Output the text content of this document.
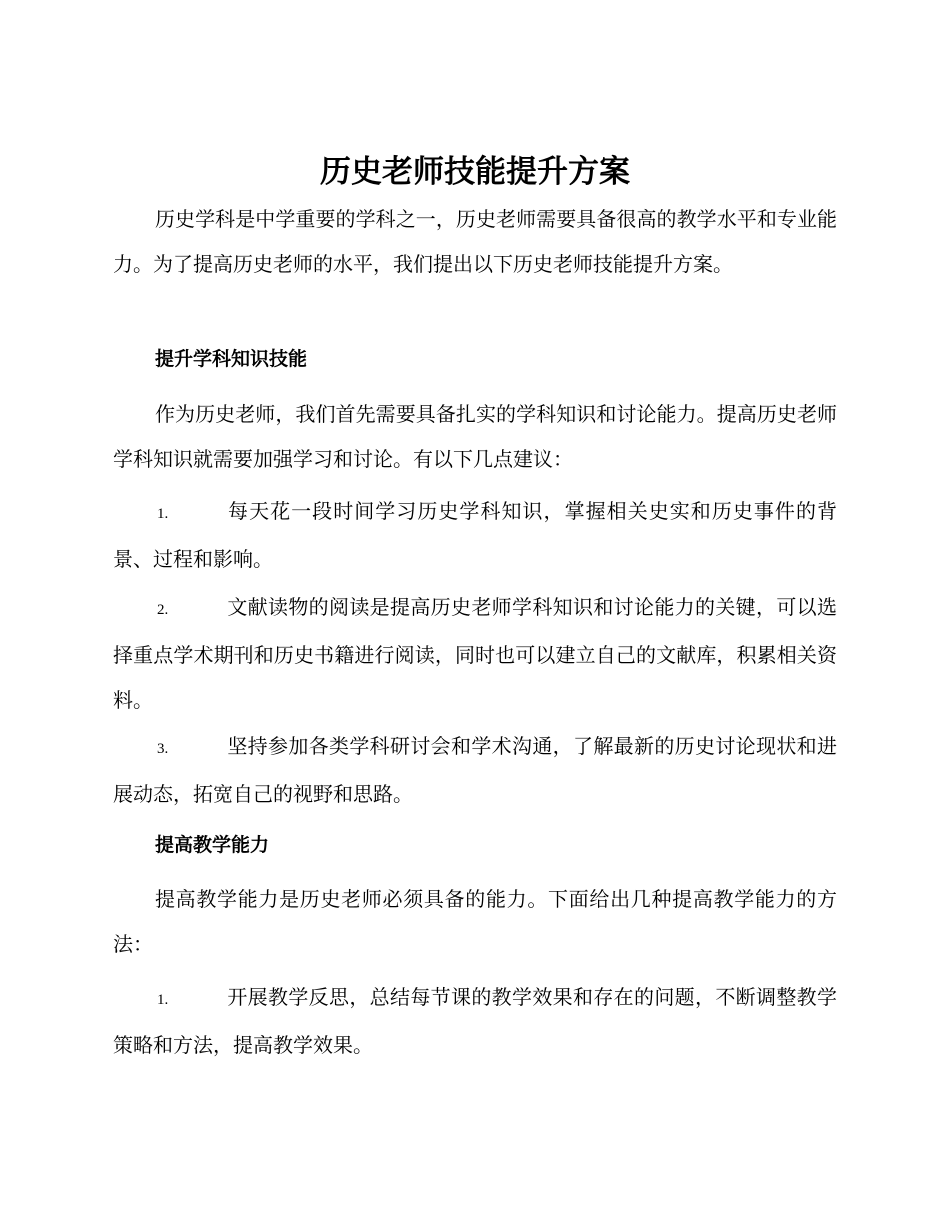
历史老师技能提升方案

历史学科是中学重要的学科之一，历史老师需要具备很高的教学水平和专业能力。为了提高历史老师的水平，我们提出以下历史老师技能提升方案。

提升学科知识技能

作为历史老师，我们首先需要具备扎实的学科知识和讨论能力。提高历史老师学科知识就需要加强学习和讨论。有以下几点建议：

1.	每天花一段时间学习历史学科知识，掌握相关史实和历史事件的背景、过程和影响。

2.	文献读物的阅读是提高历史老师学科知识和讨论能力的关键，可以选择重点学术期刊和历史书籍进行阅读，同时也可以建立自己的文献库，积累相关资料。

3.	坚持参加各类学科研讨会和学术沟通，了解最新的历史讨论现状和进展动态，拓宽自己的视野和思路。

提高教学能力

提高教学能力是历史老师必须具备的能力。下面给出几种提高教学能力的方法：

1.	开展教学反思，总结每节课的教学效果和存在的问题，不断调整教学策略和方法，提高教学效果。
